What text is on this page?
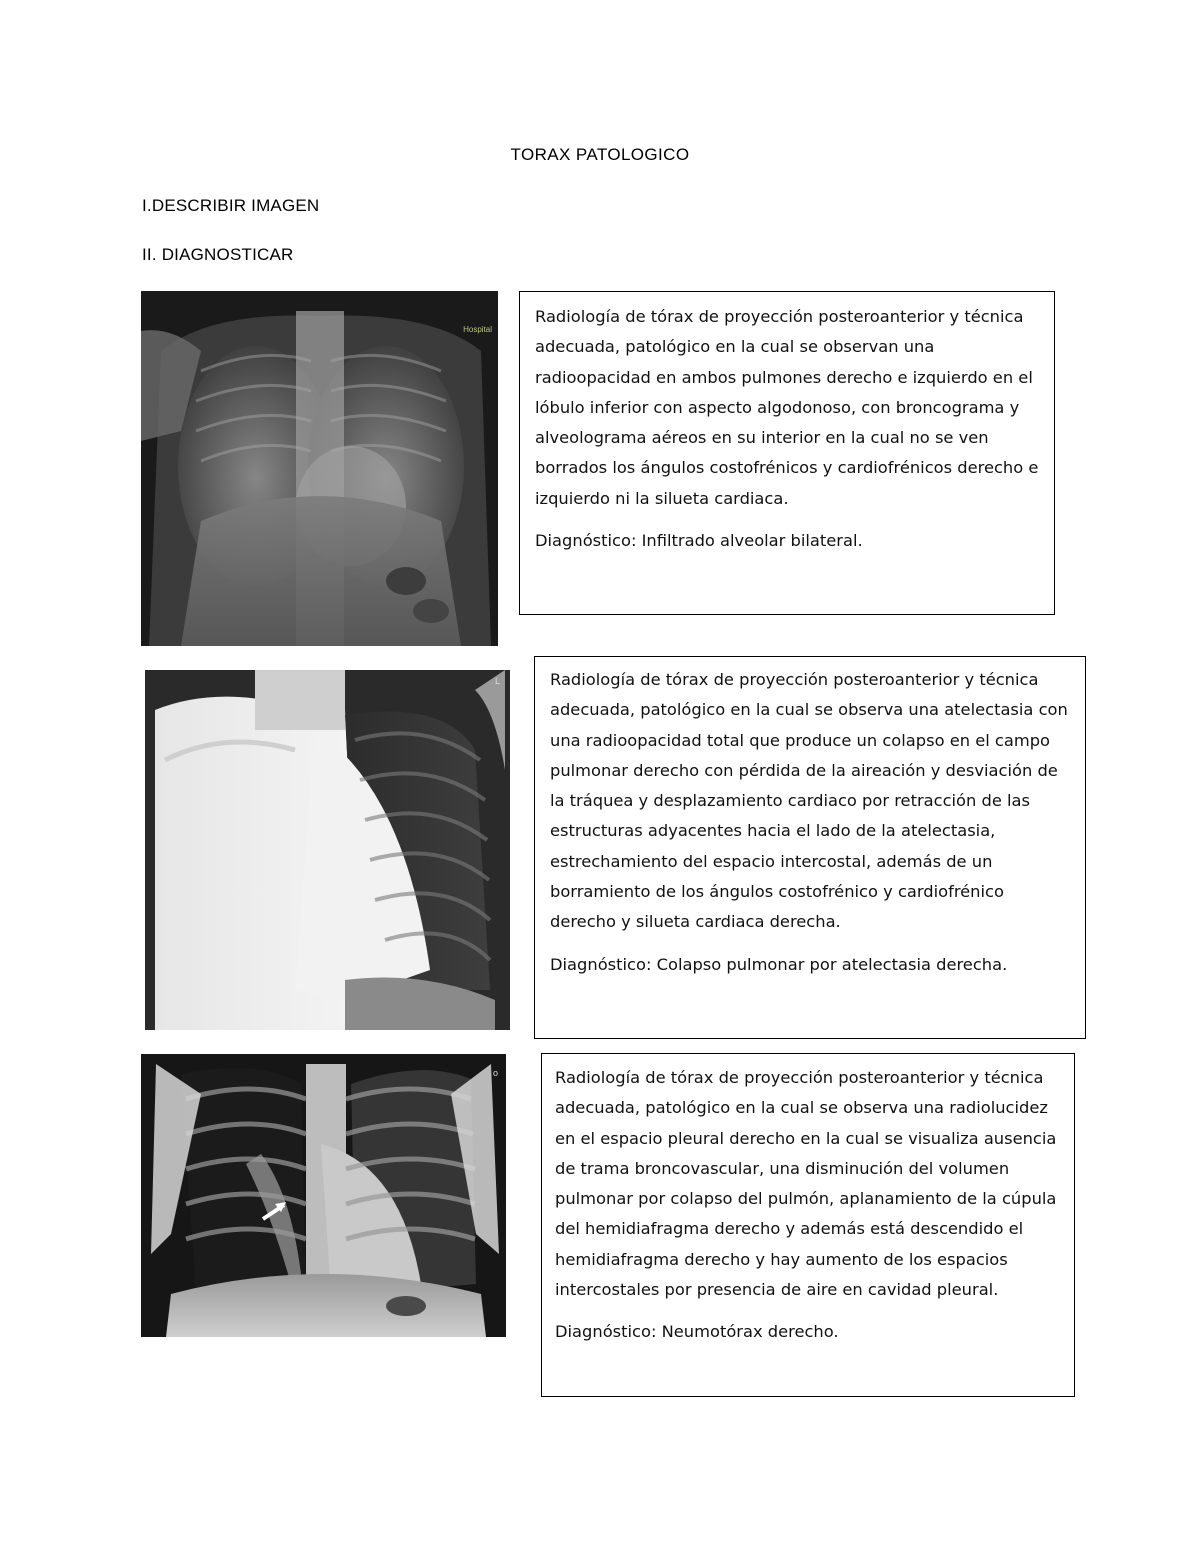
TORAX PATOLOGICO
I.DESCRIBIR IMAGEN
II. DIAGNOSTICAR
Hospital

Radiología de tórax de proyección posteroanterior y técnica adecuada, patológico en la cual se observan una radioopacidad en ambos pulmones derecho e izquierdo en el lóbulo inferior con aspecto algodonoso, con broncograma y alveolograma aéreos en su interior en la cual no se ven borrados los ángulos costofrénicos y cardiofrénicos derecho e izquierdo ni la silueta cardiaca.

Diagnóstico: Infiltrado alveolar bilateral.

L	Radiología de tórax de proyección posteroanterior y técnica adecuada, patológico en la cual se observa una atelectasia con una radioopacidad total que produce un colapso en el campo pulmonar derecho con pérdida de la aireación y desviación de la tráquea y desplazamiento cardiaco por retracción de las estructuras adyacentes hacia el lado de la atelectasia, estrechamiento del espacio intercostal, además de un borramiento de los ángulos costofrénico y cardiofrénico derecho y silueta cardiaca derecha.

Diagnóstico: Colapso pulmonar por atelectasia derecha.

o	Radiología de tórax de proyección posteroanterior y técnica adecuada, patológico en la cual se observa una radiolucidez en el espacio pleural derecho en la cual se visualiza ausencia de trama broncovascular, una disminución del volumen pulmonar por colapso del pulmón, aplanamiento de la cúpula del hemidiafragma derecho y además está descendido el hemidiafragma derecho y hay aumento de los espacios intercostales por presencia de aire en cavidad pleural.

Diagnóstico: Neumotórax derecho.
